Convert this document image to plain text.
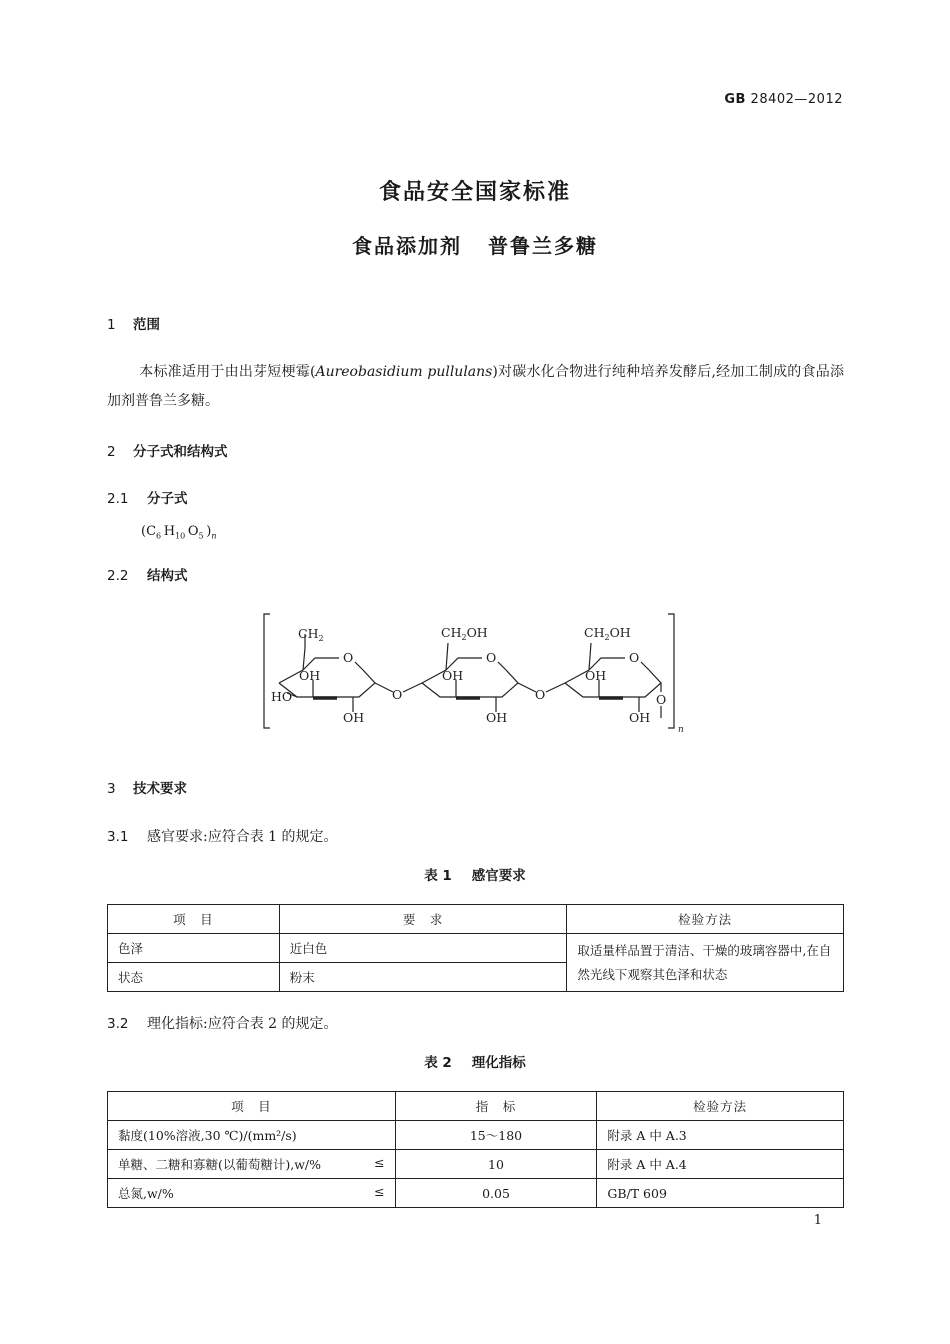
GB 28402—2012
食品安全国家标准
食品添加剂 普鲁兰多糖
1 范围
本标准适用于由出芽短梗霉(Aureobasidium pullulans)对碳水化合物进行纯种培养发酵后,经加工制成的食品添加剂普鲁兰多糖。
2 分子式和结构式
2.1 分子式
($C_6$  $H_{10}$  $O_5$  )$_n$
2.2 结构式
$CH_2$
O
OH
HO
OH
O
$CH_2OH$
O
OH
OH
O
$CH_2OH$
O
OH
OH
O
n
3 技术要求
3.1 感官要求:应符合表 1 的规定。
表 1 感官要求
项　目	要　求	检验方法
色泽	近白色	取适量样品置于清洁、干燥的玻璃容器中,在自然光线下观察其色泽和状态
状态	粉末	
3.2 理化指标:应符合表 2 的规定。
表 2 理化指标
项　目	指　标	检验方法
黏度(10%溶液,30 ℃)/(mm²/s)	15～180	附录 A 中 A.3
单糖、二糖和寡糖(以葡萄糖计),w/% ≤	10	附录 A 中 A.4
总氮,w/% ≤	0.05	GB/T 609
1
